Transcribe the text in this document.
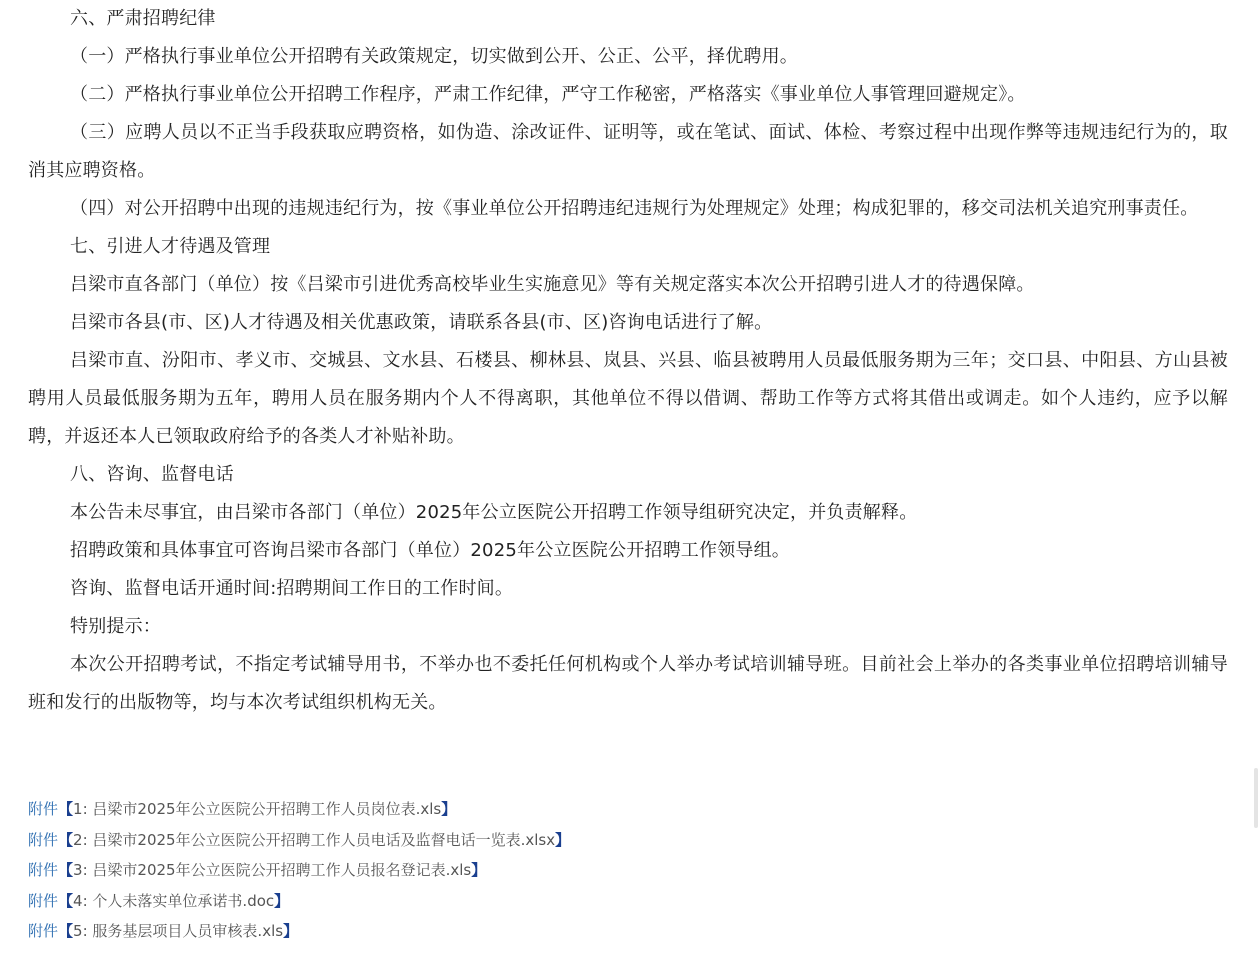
六、严肃招聘纪律

（一）严格执行事业单位公开招聘有关政策规定，切实做到公开、公正、公平，择优聘用。

（二）严格执行事业单位公开招聘工作程序，严肃工作纪律，严守工作秘密，严格落实《事业单位人事管理回避规定》。

（三）应聘人员以不正当手段获取应聘资格，如伪造、涂改证件、证明等，或在笔试、面试、体检、考察过程中出现作弊等违规违纪行为的，取消其应聘资格。

（四）对公开招聘中出现的违规违纪行为，按《事业单位公开招聘违纪违规行为处理规定》处理；构成犯罪的，移交司法机关追究刑事责任。

七、引进人才待遇及管理

吕梁市直各部门（单位）按《吕梁市引进优秀高校毕业生实施意见》等有关规定落实本次公开招聘引进人才的待遇保障。

吕梁市各县(市、区)人才待遇及相关优惠政策，请联系各县(市、区)咨询电话进行了解。

吕梁市直、汾阳市、孝义市、交城县、文水县、石楼县、柳林县、岚县、兴县、临县被聘用人员最低服务期为三年；交口县、中阳县、方山县被聘用人员最低服务期为五年，聘用人员在服务期内个人不得离职，其他单位不得以借调、帮助工作等方式将其借出或调走。如个人违约，应予以解聘，并返还本人已领取政府给予的各类人才补贴补助。

八、咨询、监督电话

本公告未尽事宜，由吕梁市各部门（单位）2025年公立医院公开招聘工作领导组研究决定，并负责解释。

招聘政策和具体事宜可咨询吕梁市各部门（单位）2025年公立医院公开招聘工作领导组。

咨询、监督电话开通时间:招聘期间工作日的工作时间。

特别提示：

本次公开招聘考试，不指定考试辅导用书，不举办也不委托任何机构或个人举办考试培训辅导班。目前社会上举办的各类事业单位招聘培训辅导班和发行的出版物等，均与本次考试组织机构无关。

附件【1: 吕梁市2025年公立医院公开招聘工作人员岗位表.xls】
附件【2: 吕梁市2025年公立医院公开招聘工作人员电话及监督电话一览表.xlsx】
附件【3: 吕梁市2025年公立医院公开招聘工作人员报名登记表.xls】
附件【4: 个人未落实单位承诺书.doc】
附件【5: 服务基层项目人员审核表.xls】
